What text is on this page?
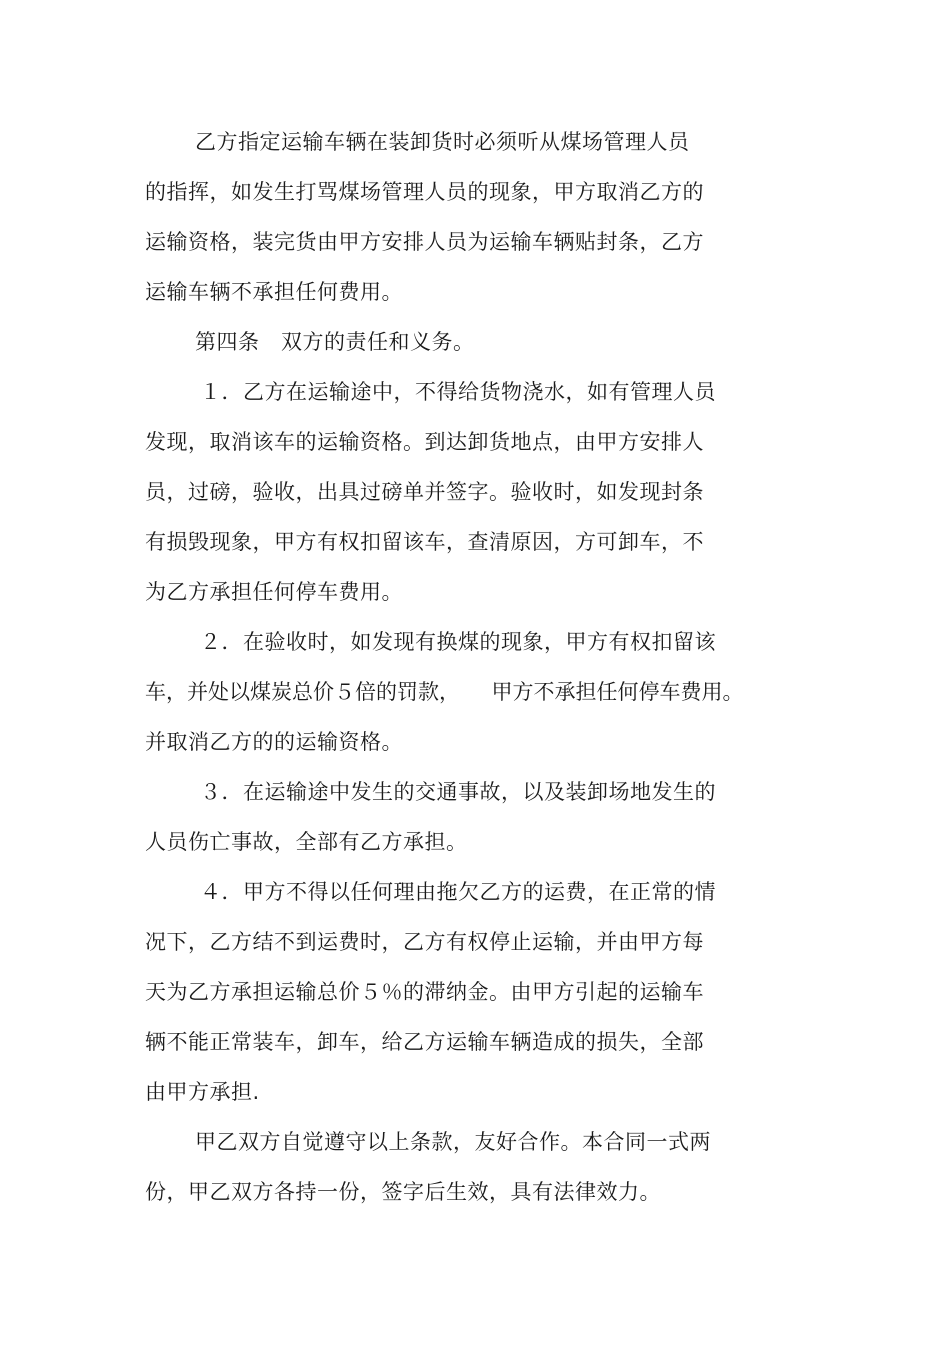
乙方指定运输车辆在装卸货时必须听从煤场管理人员
的指挥，如发生打骂煤场管理人员的现象，甲方取消乙方的
运输资格，装完货由甲方安排人员为运输车辆贴封条，乙方
运输车辆不承担任何费用。
第四条　双方的责任和义务。
１．乙方在运输途中，不得给货物浇水，如有管理人员
发现，取消该车的运输资格。到达卸货地点，由甲方安排人
员，过磅，验收，出具过磅单并签字。验收时，如发现封条
有损毁现象，甲方有权扣留该车，查清原因，方可卸车，不
为乙方承担任何停车费用。
２．在验收时，如发现有换煤的现象，甲方有权扣留该
车，并处以煤炭总价５倍的罚款，　　甲方不承担任何停车费用。
并取消乙方的的运输资格。
３．在运输途中发生的交通事故，以及装卸场地发生的
人员伤亡事故，全部有乙方承担。
４．甲方不得以任何理由拖欠乙方的运费，在正常的情
况下，乙方结不到运费时，乙方有权停止运输，并由甲方每
天为乙方承担运输总价５％的滞纳金。由甲方引起的运输车
辆不能正常装车，卸车，给乙方运输车辆造成的损失，全部
由甲方承担.
甲乙双方自觉遵守以上条款，友好合作。本合同一式两
份，甲乙双方各持一份，签字后生效，具有法律效力。
